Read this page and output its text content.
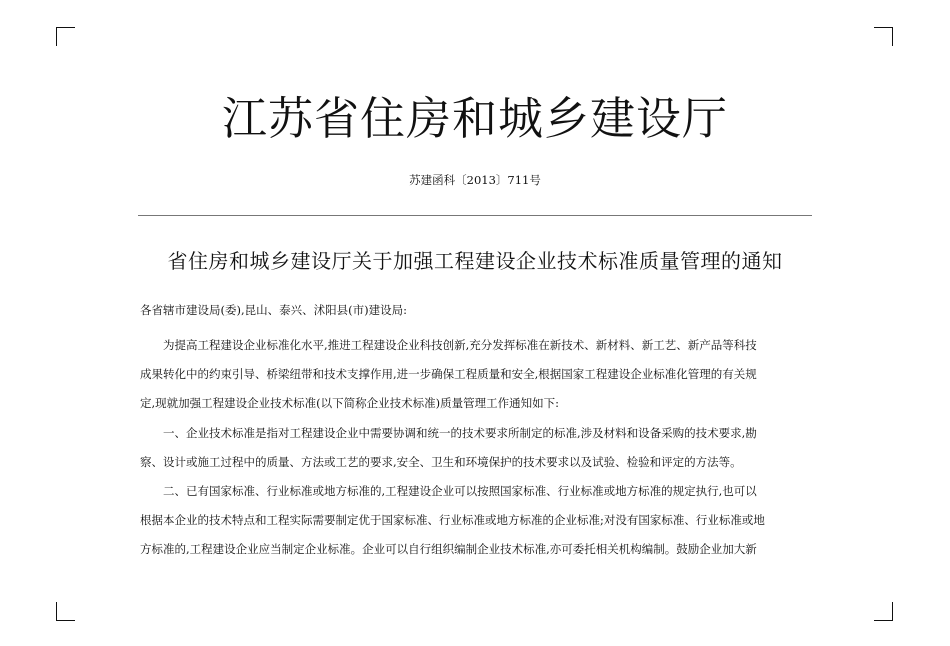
江苏省住房和城乡建设厅
苏建函科〔2013〕711号
省住房和城乡建设厅关于加强工程建设企业技术标准质量管理的通知
各省辖市建设局(委),昆山、泰兴、沭阳县(市)建设局:
　　为提高工程建设企业标准化水平,推进工程建设企业科技创新,充分发挥标准在新技术、新材料、新工艺、新产品等科技
成果转化中的约束引导、桥梁纽带和技术支撑作用,进一步确保工程质量和安全,根据国家工程建设企业标准化管理的有关规
定,现就加强工程建设企业技术标准(以下简称企业技术标准)质量管理工作通知如下:
　　一、企业技术标准是指对工程建设企业中需要协调和统一的技术要求所制定的标准,涉及材料和设备采购的技术要求,勘
察、设计或施工过程中的质量、方法或工艺的要求,安全、卫生和环境保护的技术要求以及试验、检验和评定的方法等。
　　二、已有国家标准、行业标准或地方标准的,工程建设企业可以按照国家标准、行业标准或地方标准的规定执行,也可以
根据本企业的技术特点和工程实际需要制定优于国家标准、行业标准或地方标准的企业标准;对没有国家标准、行业标准或地
方标准的,工程建设企业应当制定企业标准。企业可以自行组织编制企业技术标准,亦可委托相关机构编制。鼓励企业加大新
